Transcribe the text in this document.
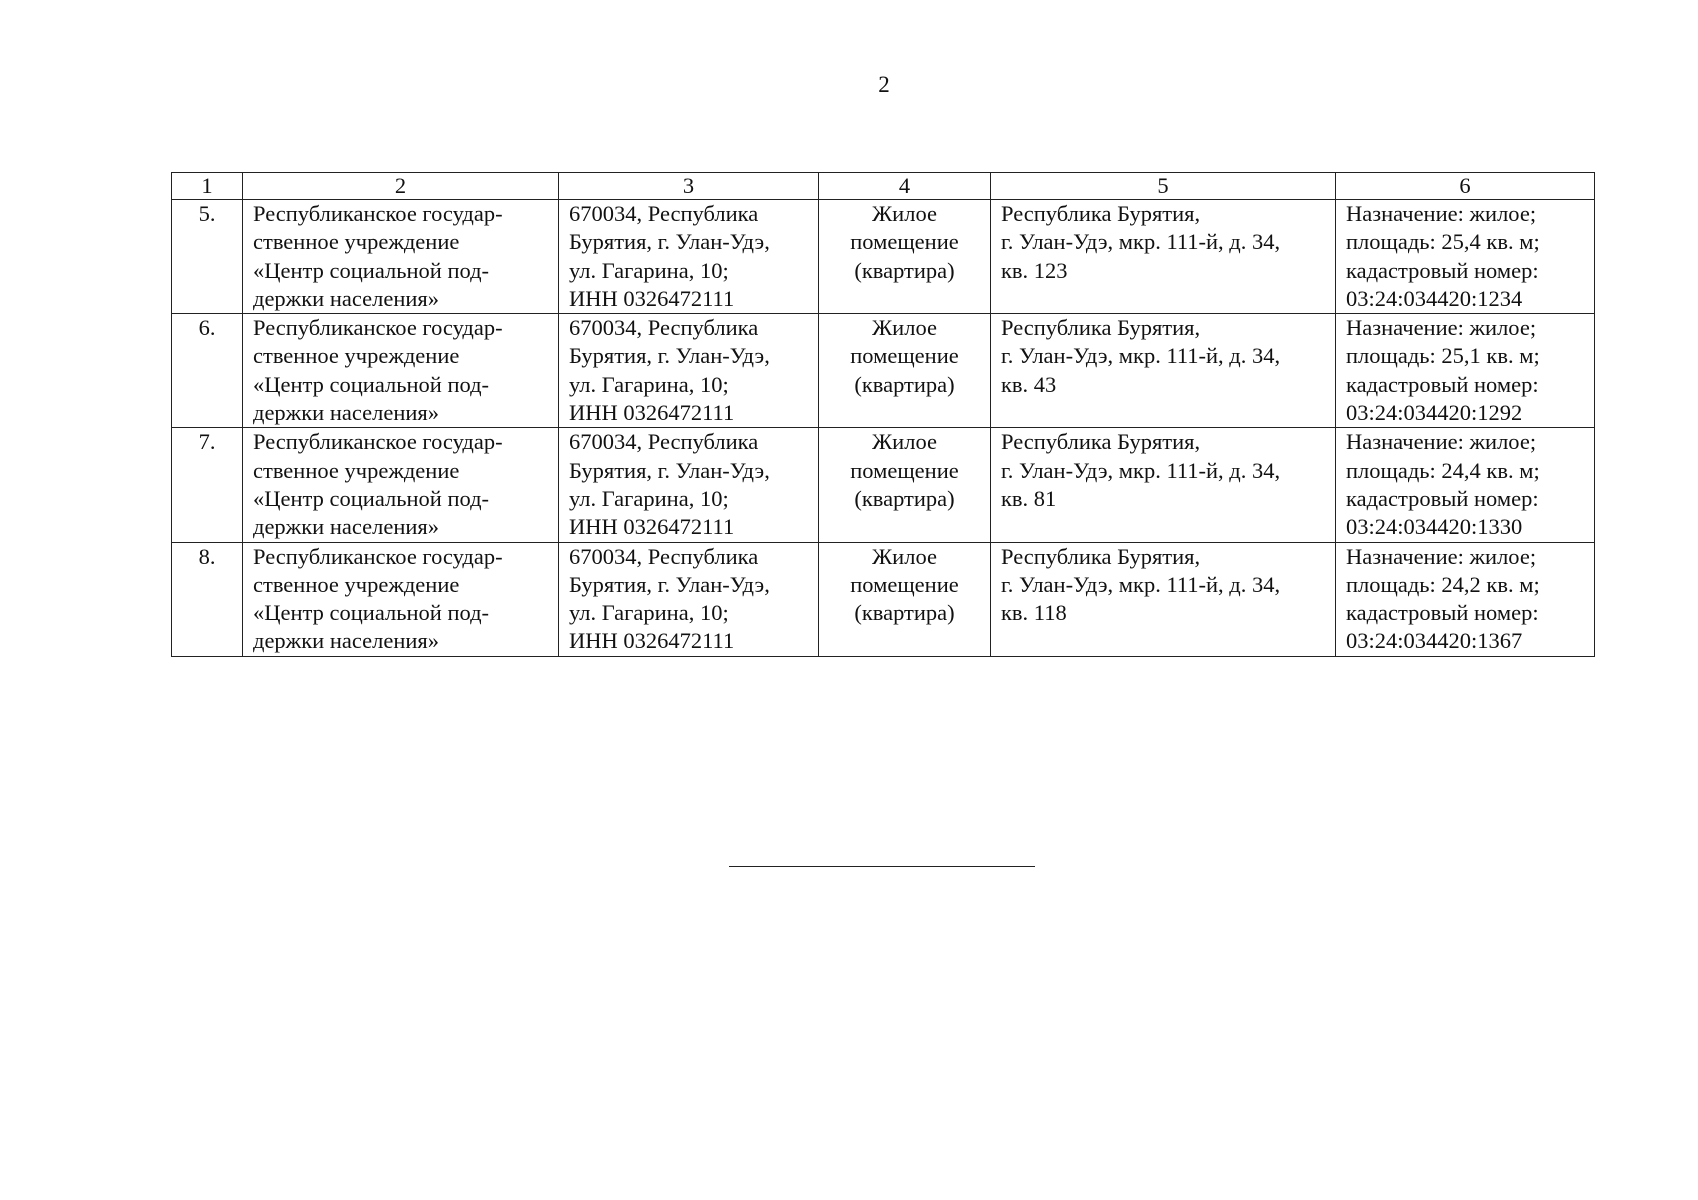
2
1	2	3	4	5	6
5.	Республиканское государ-
ственное учреждение
«Центр социальной под-
держки населения»	670034, Республика
Бурятия, г. Улан-Удэ,
ул. Гагарина, 10;
ИНН 0326472111	Жилое
помещение
(квартира)	Республика Бурятия,
г. Улан-Удэ, мкр. 111-й, д. 34,
кв. 123	Назначение: жилое;
площадь: 25,4 кв. м;
кадастровый номер:
03:24:034420:1234

6.	Республиканское государ-
ственное учреждение
«Центр социальной под-
держки населения»	670034, Республика
Бурятия, г. Улан-Удэ,
ул. Гагарина, 10;
ИНН 0326472111	Жилое
помещение
(квартира)	Республика Бурятия,
г. Улан-Удэ, мкр. 111-й, д. 34,
кв. 43	Назначение: жилое;
площадь: 25,1 кв. м;
кадастровый номер:
03:24:034420:1292

7.	Республиканское государ-
ственное учреждение
«Центр социальной под-
держки населения»	670034, Республика
Бурятия, г. Улан-Удэ,
ул. Гагарина, 10;
ИНН 0326472111	Жилое
помещение
(квартира)	Республика Бурятия,
г. Улан-Удэ, мкр. 111-й, д. 34,
кв. 81	Назначение: жилое;
площадь: 24,4 кв. м;
кадастровый номер:
03:24:034420:1330

8.	Республиканское государ-
ственное учреждение
«Центр социальной под-
держки населения»	670034, Республика
Бурятия, г. Улан-Удэ,
ул. Гагарина, 10;
ИНН 0326472111	Жилое
помещение
(квартира)	Республика Бурятия,
г. Улан-Удэ, мкр. 111-й, д. 34,
кв. 118	Назначение: жилое;
площадь: 24,2 кв. м;
кадастровый номер:
03:24:034420:1367
